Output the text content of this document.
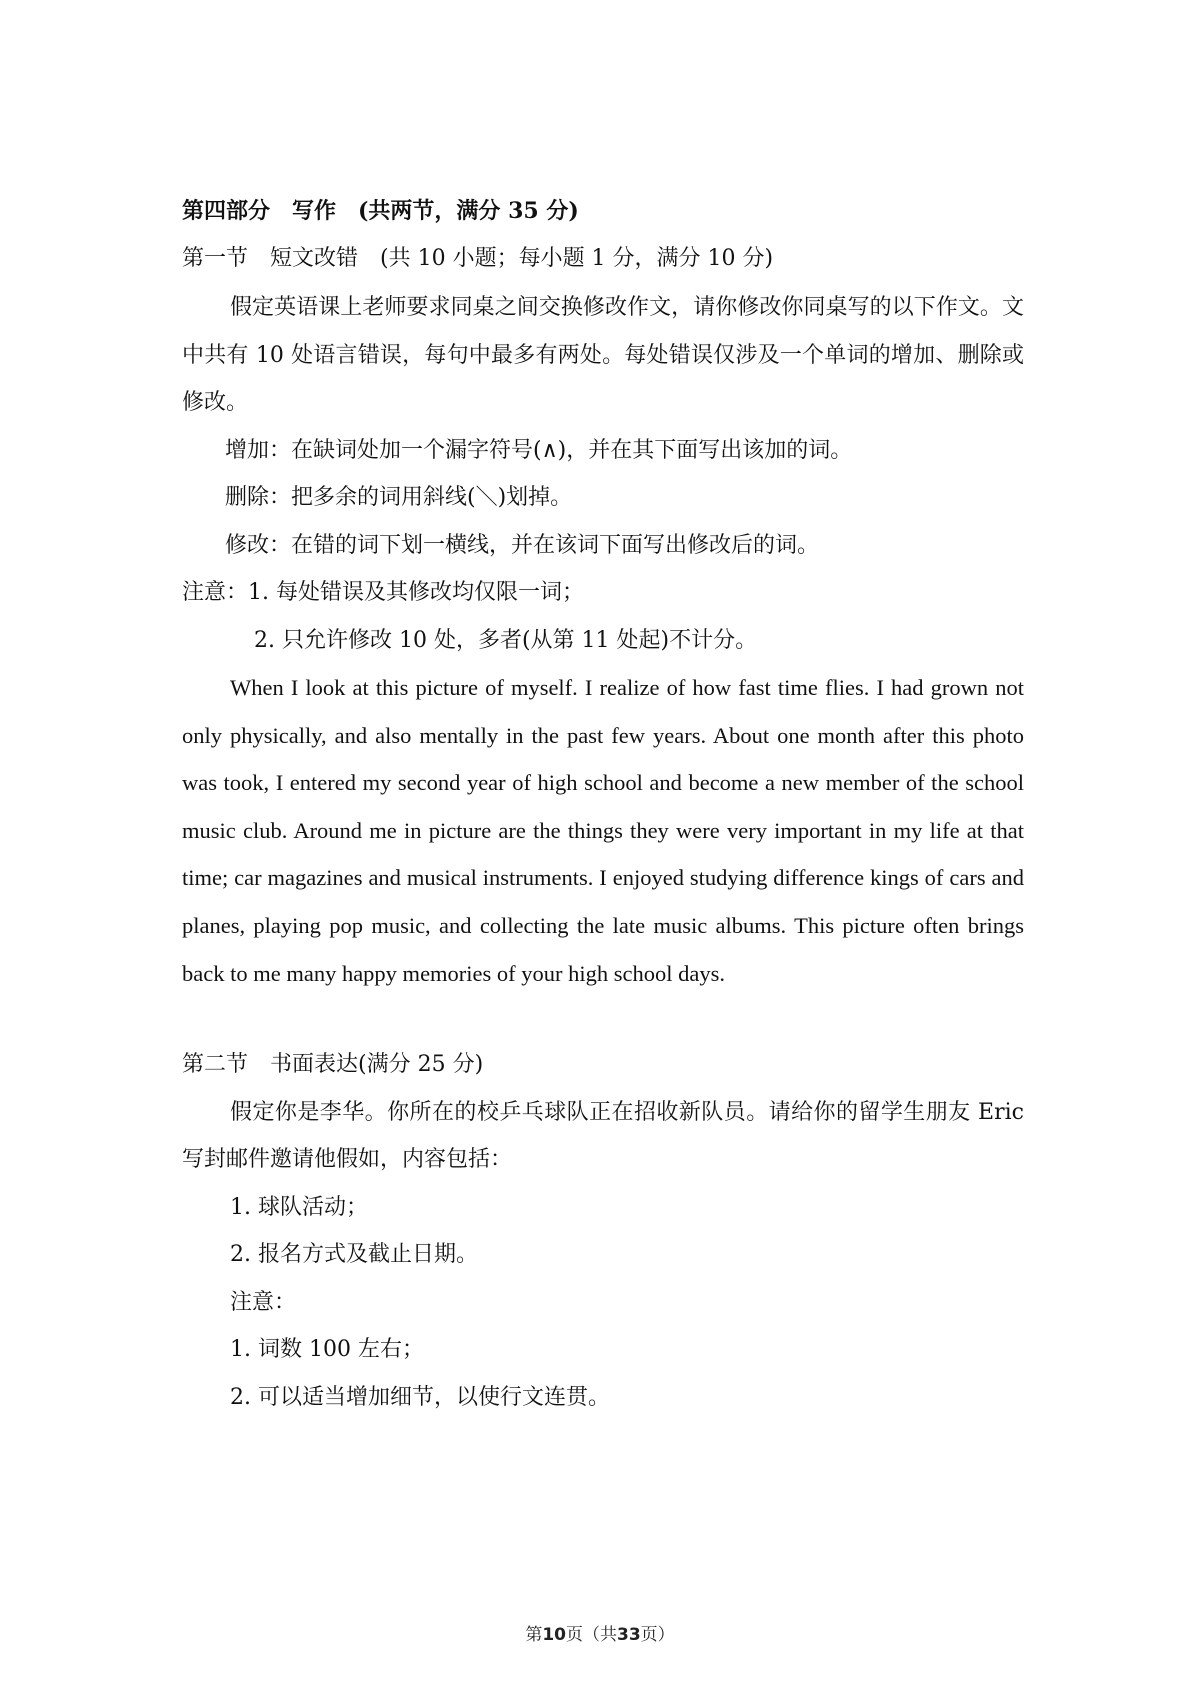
第四部分　写作　(共两节，满分 35 分)
第一节　短文改错　(共 10 小题；每小题 1 分，满分 10 分)

假定英语课上老师要求同桌之间交换修改作文，请你修改你同桌写的以下作文。文中共有 10 处语言错误，每句中最多有两处。每处错误仅涉及一个单词的增加、删除或修改。

增加：在缺词处加一个漏字符号(∧)，并在其下面写出该加的词。
删除：把多余的词用斜线(＼)划掉。
修改：在错的词下划一横线，并在该词下面写出修改后的词。
注意：1. 每处错误及其修改均仅限一词；
2. 只允许修改 10 处，多者(从第 11 处起)不计分。

When I look at this picture of myself. I realize of how fast time flies. I had grown not only physically, and also mentally in the past few years. About one month after this photo was took, I entered my second year of high school and become a new member of the school music club. Around me in picture are the things they were very important in my life at that time; car magazines and musical instruments. I enjoyed studying difference kings of cars and planes, playing pop music, and collecting the late music albums. This picture often brings back to me many happy memories of your high school days.

第二节　书面表达(满分 25 分)

假定你是李华。你所在的校乒乓球队正在招收新队员。请给你的留学生朋友 Eric 写封邮件邀请他假如，内容包括：

1. 球队活动；
2. 报名方式及截止日期。
注意：
1. 词数 100 左右；
2. 可以适当增加细节，以使行文连贯。
第10页（共33页）
